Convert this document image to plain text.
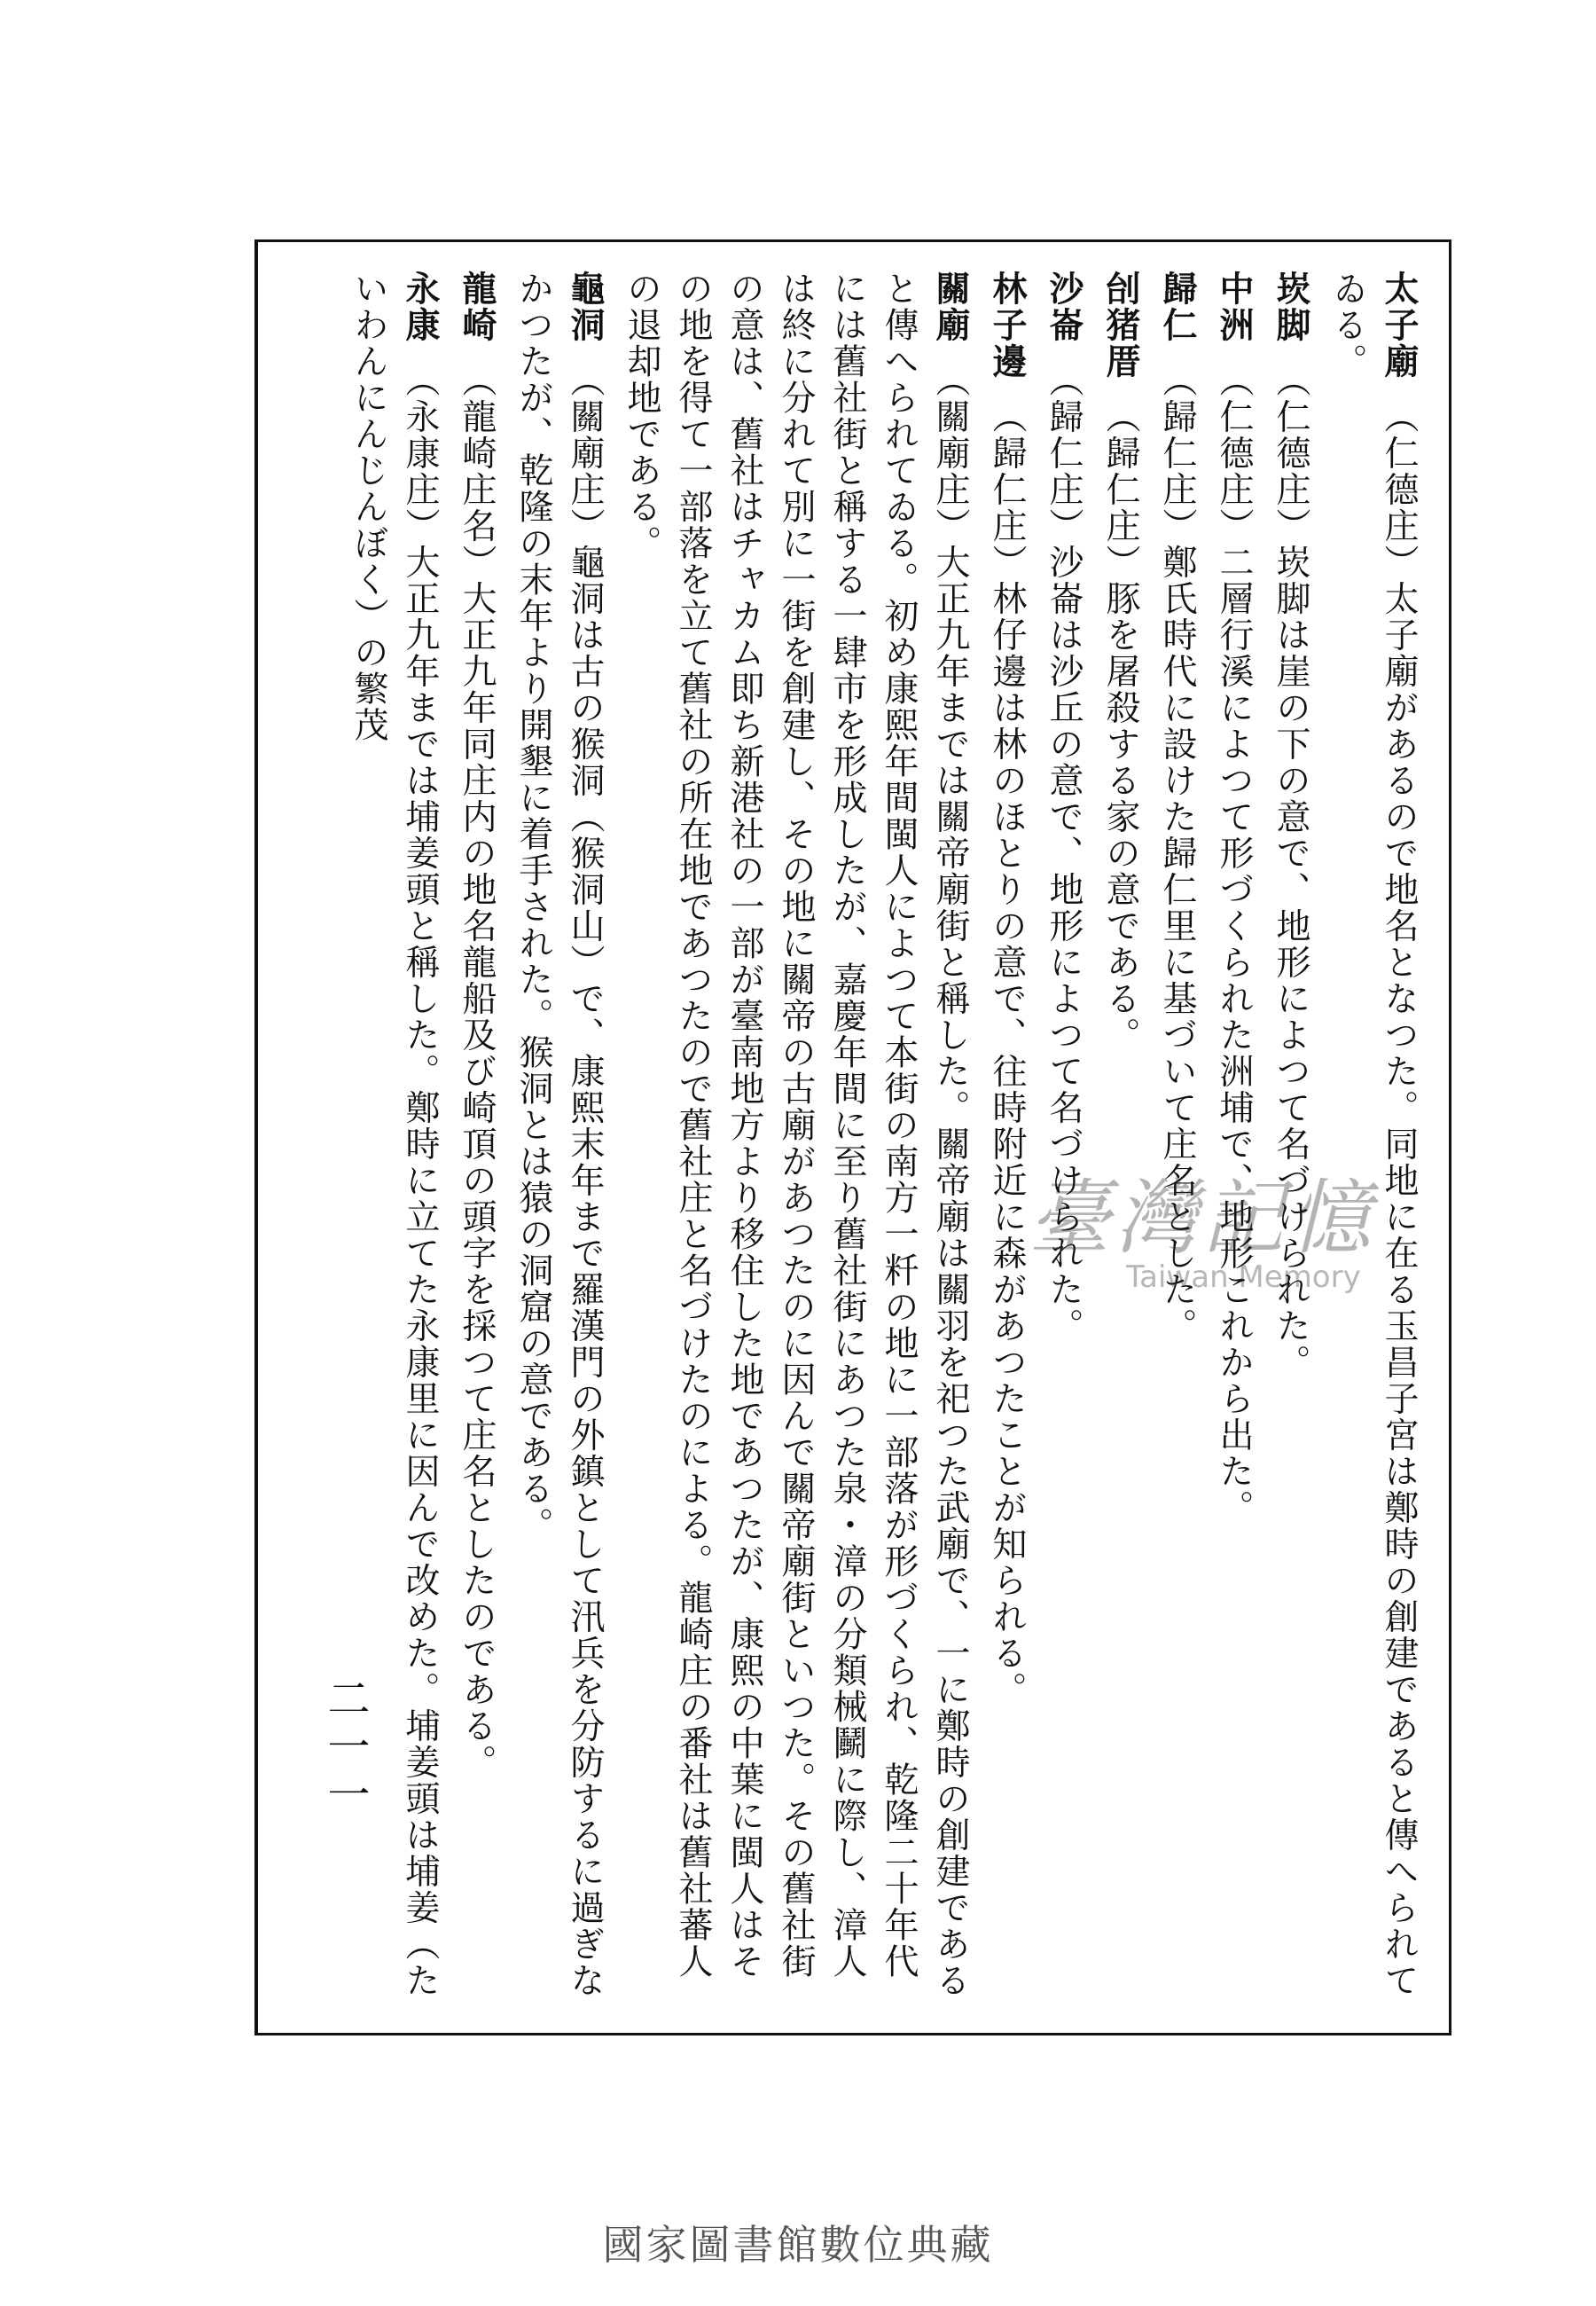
太子廟　（仁德庄）太子廟があるので地名となつた。同地に在る玉昌子宮は鄭時の創建であると傳へられてゐる。

崁脚　（仁德庄）崁脚は崖の下の意で、地形によつて名づけられた。

中洲　（仁德庄）二層行溪によつて形づくられた洲埔で、地形これから出た。

歸仁　（歸仁庄）鄭氏時代に設けた歸仁里に基づいて庄名とした。

刣猪厝　（歸仁庄）豚を屠殺する家の意である。

沙崙　（歸仁庄）沙崙は沙丘の意で、地形によつて名づけられた。

林子邊　（歸仁庄）林仔邊は林のほとりの意で、往時附近に森があつたことが知られる。

關廟　（關廟庄）大正九年までは關帝廟街と稱した。關帝廟は關羽を祀つた武廟で、一に鄭時の創建であると傳へられてゐる。初め康熙年間閩人によつて本街の南方一粁の地に一部落が形づくられ、乾隆二十年代には舊社街と稱する一肆市を形成したが、嘉慶年間に至り舊社街にあつた泉・漳の分類械鬭に際し、漳人は終に分れて別に一街を創建し、その地に關帝の古廟があつたのに因んで關帝廟街といつた。その舊社街の意は、舊社はチャカム即ち新港社の一部が臺南地方より移住した地であつたが、康熙の中葉に閩人はその地を得て一部落を立て舊社の所在地であつたので舊社庄と名づけたのによる。龍崎庄の番社は舊社蕃人の退却地である。

龜洞　（關廟庄）龜洞は古の猴洞（猴洞山）で、康熙末年まで羅漢門の外鎮として汛兵を分防するに過ぎなかつたが、乾隆の末年より開墾に着手された。猴洞とは猿の洞窟の意である。

龍崎　（龍崎庄名）大正九年同庄内の地名龍船及び崎頂の頭字を採つて庄名としたのである。

永康　（永康庄）大正九年までは埔姜頭と稱した。鄭時に立てた永康里に因んで改めた。埔姜頭は埔姜（たいわんにんじんぼく）の繁茂

二一一
臺灣記憶
Taiwan Memory
國家圖書館數位典藏
